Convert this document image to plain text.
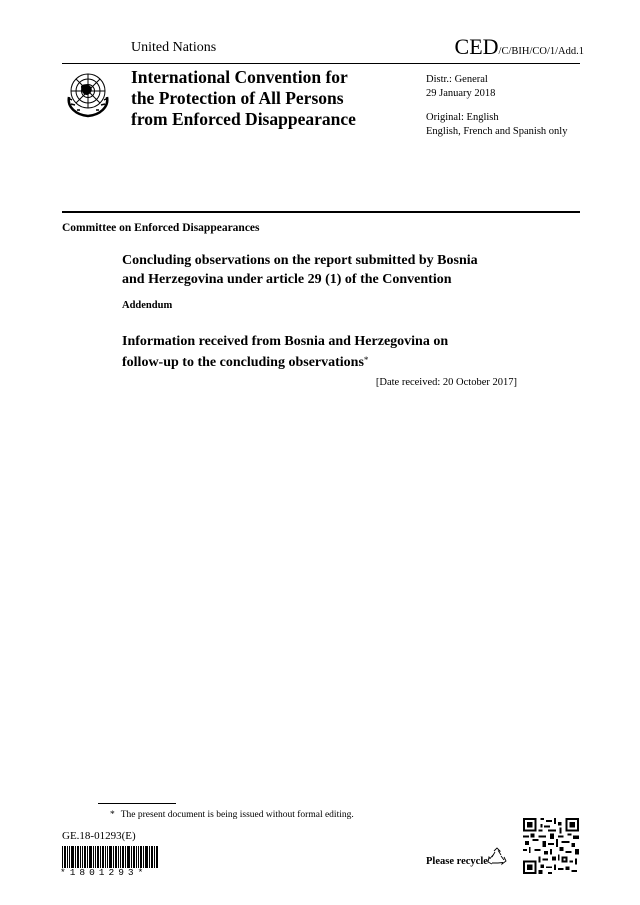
United Nations	CED/C/BIH/CO/1/Add.1
International Convention for
the Protection of All Persons
from Enforced Disappearance
Distr.: General
29 January 2018
Original: English
English, French and Spanish only
Committee on Enforced Disappearances
Concluding observations on the report submitted by Bosnia
and Herzegovina under article 29 (1) of the Convention
Addendum
Information received from Bosnia and Herzegovina on
follow-up to the concluding observations*
[Date received: 20 October 2017]
* The present document is being issued without formal editing.
GE.18-01293(E)
*1801293*
Please recycle
